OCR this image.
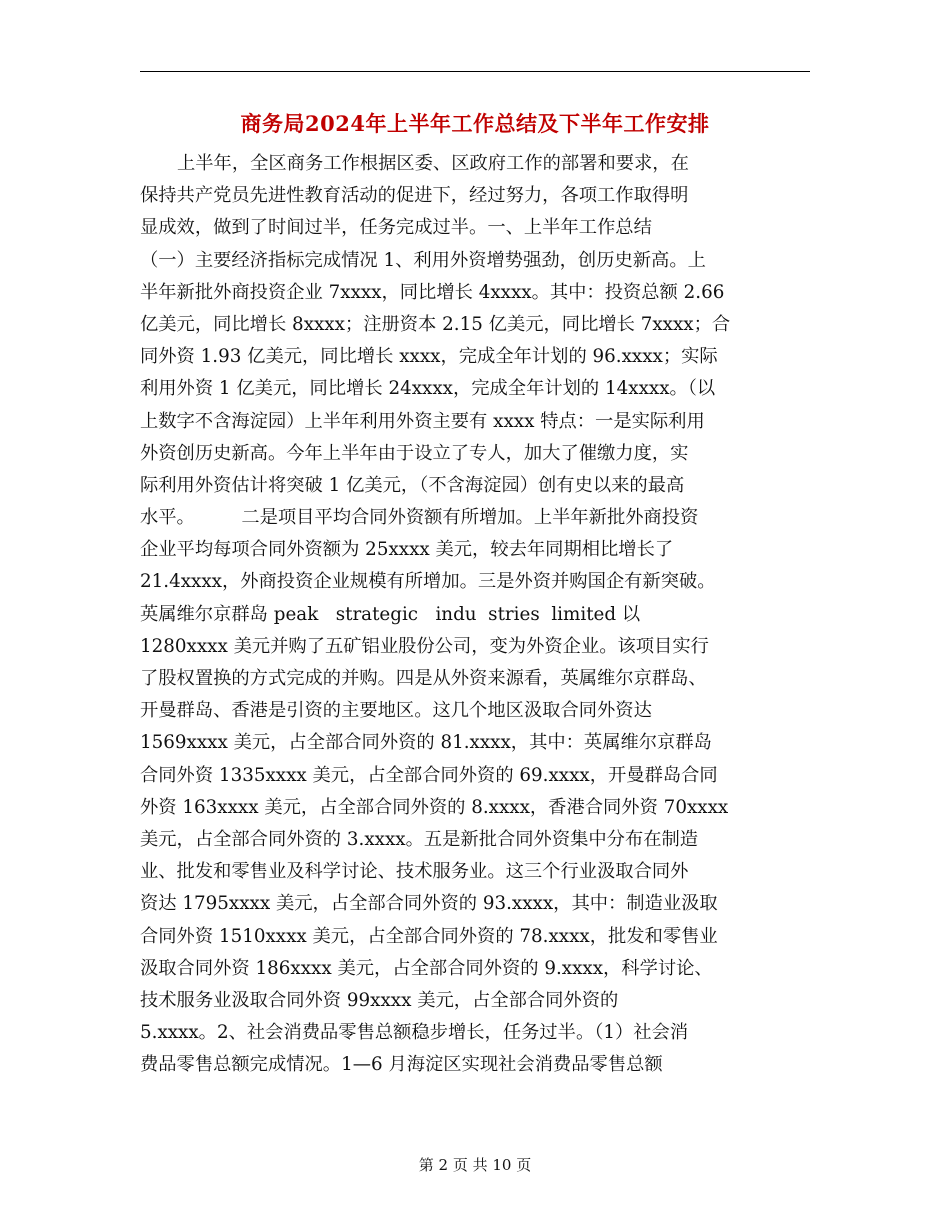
商务局2024年上半年工作总结及下半年工作安排
上半年，全区商务工作根据区委、区政府工作的部署和要求，在
保持共产党员先进性教育活动的促进下，经过努力，各项工作取得明
显成效，做到了时间过半，任务完成过半。一、上半年工作总结
（一）主要经济指标完成情况 1、利用外资增势强劲，创历史新高。上
半年新批外商投资企业 7xxxx，同比增长 4xxxx。其中：投资总额 2.66
亿美元，同比增长 8xxxx；注册资本 2.15 亿美元，同比增长 7xxxx；合
同外资 1.93 亿美元，同比增长 xxxx，完成全年计划的 96.xxxx；实际
利用外资 1 亿美元，同比增长 24xxxx，完成全年计划的 14xxxx。（以
上数字不含海淀园）上半年利用外资主要有 xxxx 特点：一是实际利用
外资创历史新高。今年上半年由于设立了专人，加大了催缴力度，实
际利用外资估计将突破 1 亿美元，（不含海淀园）创有史以来的最高
水平。        二是项目平均合同外资额有所增加。上半年新批外商投资
企业平均每项合同外资额为 25xxxx 美元，较去年同期相比增长了
21.4xxxx，外商投资企业规模有所增加。三是外资并购国企有新突破。
英属维尔京群岛 peak   strategic   indu  stries  limited 以
1280xxxx 美元并购了五矿铝业股份公司，变为外资企业。该项目实行
了股权置换的方式完成的并购。四是从外资来源看，英属维尔京群岛、
开曼群岛、香港是引资的主要地区。这几个地区汲取合同外资达
1569xxxx 美元，占全部合同外资的 81.xxxx，其中：英属维尔京群岛
合同外资 1335xxxx 美元，占全部合同外资的 69.xxxx，开曼群岛合同
外资 163xxxx 美元，占全部合同外资的 8.xxxx，香港合同外资 70xxxx
美元，占全部合同外资的 3.xxxx。五是新批合同外资集中分布在制造
业、批发和零售业及科学讨论、技术服务业。这三个行业汲取合同外
资达 1795xxxx 美元，占全部合同外资的 93.xxxx，其中：制造业汲取
合同外资 1510xxxx 美元，占全部合同外资的 78.xxxx，批发和零售业
汲取合同外资 186xxxx 美元，占全部合同外资的 9.xxxx，科学讨论、
技术服务业汲取合同外资 99xxxx 美元，占全部合同外资的
5.xxxx。2、社会消费品零售总额稳步增长，任务过半。（1）社会消
费品零售总额完成情况。1—6 月海淀区实现社会消费品零售总额
第 2 页 共 10 页
